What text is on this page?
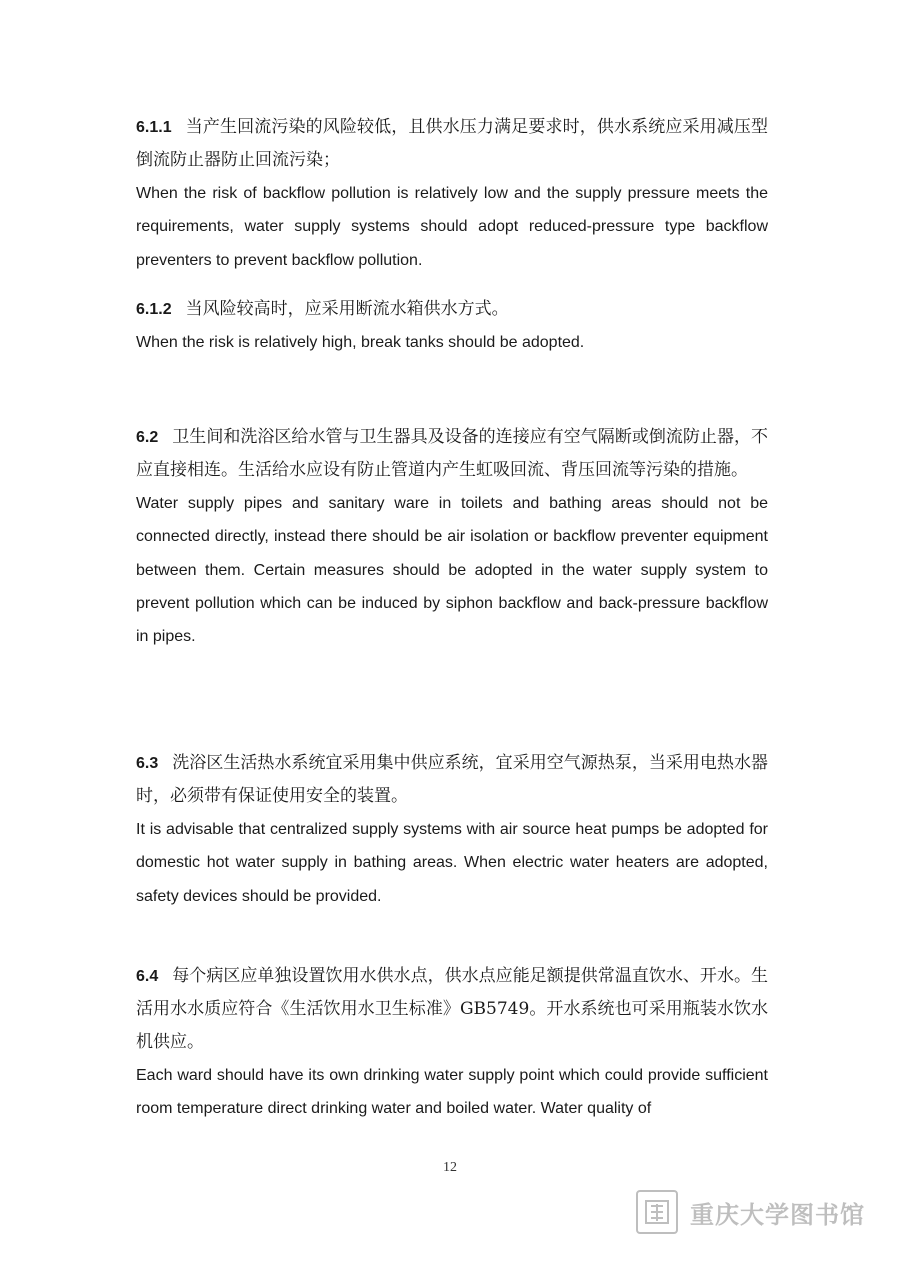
6.1.1 当产生回流污染的风险较低，且供水压力满足要求时，供水系统应采用减压型倒流防止器防止回流污染；

When the risk of backflow pollution is relatively low and the supply pressure meets the requirements, water supply systems should adopt reduced-pressure type backflow preventers to prevent backflow pollution.

6.1.2 当风险较高时，应采用断流水箱供水方式。

When the risk is relatively high, break tanks should be adopted.

6.2 卫生间和洗浴区给水管与卫生器具及设备的连接应有空气隔断或倒流防止器，不应直接相连。生活给水应设有防止管道内产生虹吸回流、背压回流等污染的措施。

Water supply pipes and sanitary ware in toilets and bathing areas should not be connected directly, instead there should be air isolation or backflow preventer equipment between them. Certain measures should be adopted in the water supply system to prevent pollution which can be induced by siphon backflow and back-pressure backflow in pipes.

6.3 洗浴区生活热水系统宜采用集中供应系统，宜采用空气源热泵，当采用电热水器时，必须带有保证使用安全的装置。

It is advisable that centralized supply systems with air source heat pumps be adopted for domestic hot water supply in bathing areas. When electric water heaters are adopted, safety devices should be provided.

6.4 每个病区应单独设置饮用水供水点，供水点应能足额提供常温直饮水、开水。生活用水水质应符合《生活饮用水卫生标准》GB5749。开水系统也可采用瓶装水饮水机供应。

Each ward should have its own drinking water supply point which could provide sufficient room temperature direct drinking water and boiled water. Water quality of

12
重庆大学图书馆
